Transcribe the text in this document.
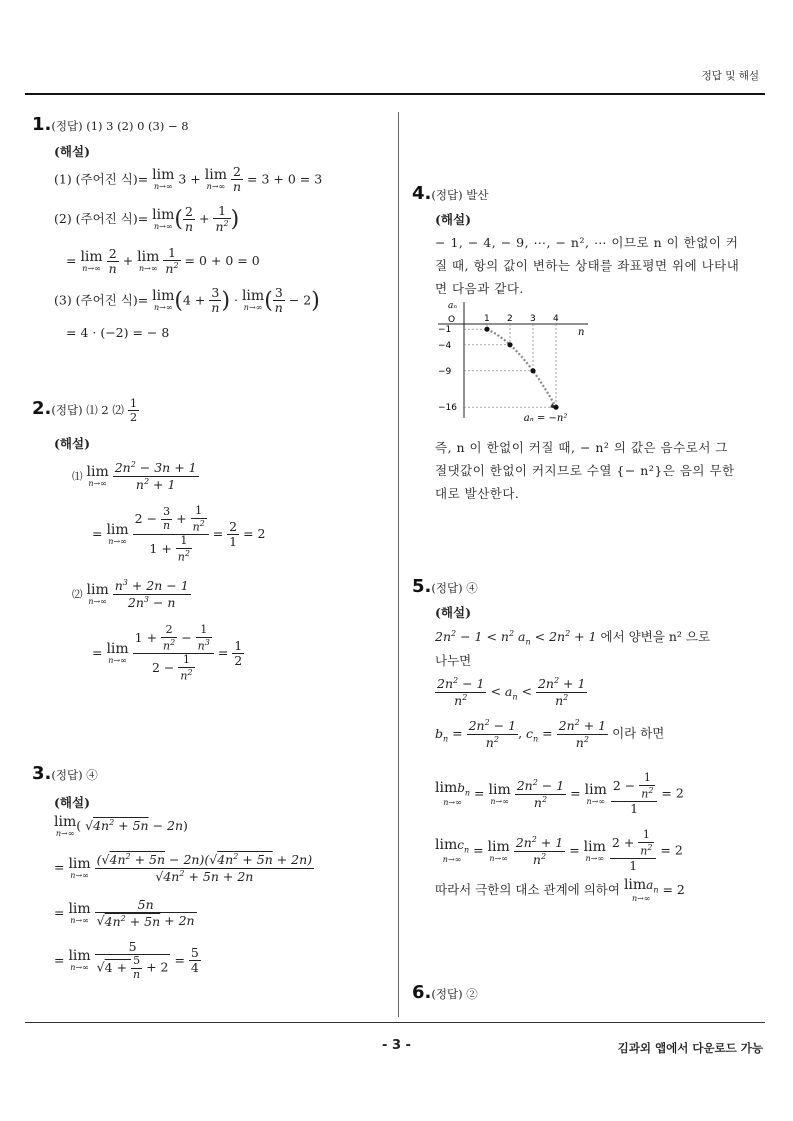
정답 및 해설
1.(정답) (1) 3 (2) 0 (3) − 8
(해설)
(1) (주어진 식)= lim
n→∞
3 + lim
n→∞
$\frac{2}{n} = 3 + 0 = 3$
(2) (주어진 식)= lim
n→∞ ( $\frac{2}{n} + \frac{1}{n^2}$ )
= lim
n→∞
$\frac{2}{n} + \lim$
n→∞
$\frac{1}{n^2} = 0 + 0 = 0$
(3) (주어진 식)= lim
n→∞ ($4 + \frac{3}{n}$ ) · lim
n→∞ ( $\frac{3}{n} - 2$)
= 4 · (−2) = − 8
2.(정답) ⑴ 2 ⑵ $\frac{1}{2}$
(해설)
⑴ lim
n→∞
$\frac{2n^2 - 3n + 1}{n^2 + 1}$
= lim
n→∞
$\frac{2 - \frac{3}{n} + \frac{1}{n^2}}{1 + \frac{1}{n^2}} = \frac{2}{1} = 2$
⑵ lim
n→∞
$\frac{n^3 + 2n - 1}{2n^3 - n}$
= lim
n→∞
$\frac{1 + \frac{2}{n^2} - \frac{1}{n^3}}{2 - \frac{1}{n^2}} = \frac{1}{2}$
3.(정답) ④
(해설)
lim
n→∞
( $√4n^2 + 5n - 2n$)
= lim
n→∞
$\frac{(√4n^2 + 5n - 2n)(√4n^2 + 5n + 2n)}{√4n^2 + 5n + 2n}$
= lim
n→∞
$\frac{5n}{√4n^2 + 5n + 2n}$
= lim
n→∞
$\frac{5}{√4 + \frac{5}{n} + 2} = \frac{5}{4}$
4.(정답) 발산
(해설)
− 1, − 4, − 9, ⋯, − n², ⋯ 이므로 n 이 한없이 커질 때, 항의 값이 변하는 상태를 좌표평면 위에 나타내면 다음과 같다.
n
aₙ
O	1 2 3 4
−1
−4
−9
−16
aₙ = −n²
즉, n 이 한없이 커질 때, − n² 의 값은 음수로서 그 절댓값이 한없이 커지므로 수열 {− n²}은 음의 무한대로 발산한다.
5.(정답) ④
(해설)
$2n^2 - 1 < n^2$ $a_n < 2n^2 + 1$ 에서 양변을 n² 으로
나누면
$\frac{2n^2 - 1}{n^2} < a_n < \frac{2n^2 + 1}{n^2}$
$b_n = \frac{2n^2 - 1}{n^2}$ , $c_n = \frac{2n^2 + 1}{n^2}$ 이라 하면
limb$_n$
n→∞
= lim
n→∞
$\frac{2n^2 - 1}{n^2} = \lim$
n→∞
$\frac{2 - \frac{1}{n^2}}{1} = 2$
limc$_n$
n→∞
= lim
n→∞
$\frac{2n^2 + 1}{n^2} = \lim$
n→∞
$\frac{2 + \frac{1}{n^2}}{1} = 2$
따라서 극한의 대소 관계에 의하여 lima$_n$
n→∞
= 2
6.(정답) ②
- 3 -	김과외 앱에서 다운로드 가능
